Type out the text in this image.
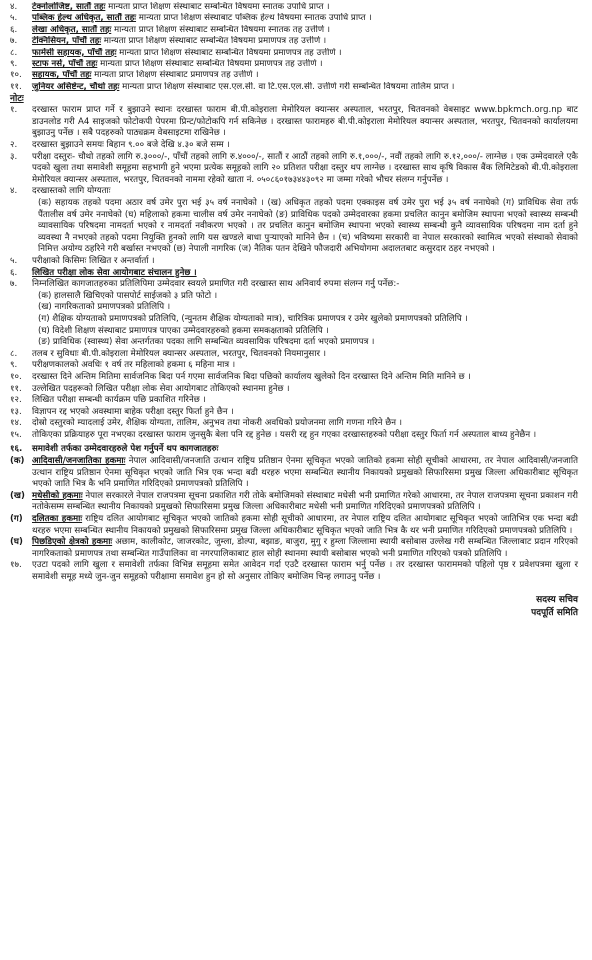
४. टेक्नोलोजिष्ट, सातौं तहः मान्यता प्राप्त शिक्षण संस्थाबाट सम्बन्धित विषयमा स्नातक उपाधि प्राप्त ।
५. पब्लिक हेल्थ अधिकृत, सातौं तहः मान्यता प्राप्त शिक्षण संस्थाबाट पब्लिक हेल्थ विषयमा स्नातक उपाधि प्राप्त ।
६. लेखा अधिकृत, सातौं तहः मान्यता प्राप्त शिक्षण संस्थाबाट सम्बन्धित विषयमा स्नातक तह उत्तीर्ण ।
७. टेक्निसियन, पाँचौं तहः मान्यता प्राप्त शिक्षण संस्थाबाट सम्बन्धित विषयमा प्रमाणपत्र तह उत्तीर्ण ।
८. फार्मेसी सहायक, पाँचौं तहः मान्यता प्राप्त शिक्षण संस्थाबाट सम्बन्धित विषयमा प्रमाणपत्र तह उत्तीर्ण ।
९. स्टाफ नर्स, पाँचौं तहः मान्यता प्राप्त शिक्षण संस्थाबाट सम्बन्धित विषयमा प्रमाणपत्र तह उत्तीर्ण ।
१०. सहायक, पाँचौं तहः मान्यता प्राप्त शिक्षण संस्थाबाट प्रमाणपत्र तह उत्तीर्ण ।
११. जुनियर असिष्टेन्ट, चौथो तहः मान्यता प्राप्त शिक्षण संस्थाबाट एस.एल.सी. वा टि.एस.एल.सी. उत्तीर्ण गरी सम्बन्धित विषयमा तालिम प्राप्त ।
नोटः
१.	दरखास्त फाराम प्राप्त गर्ने र बुझाउने स्थानः दरखास्त फाराम बी.पी.कोइराला मेमोरियल क्यान्सर अस्पताल, भरतपुर, चितवनको वेबसाइट www.bpkmch.org.np बाट डाउनलोड गरी A4 साइजको फोटोकपी पेपरमा प्रिन्ट/फोटोकपि गर्न सकिनेछ । दरखास्त फारामहरु बी.पी.कोइराला मेमोरियल क्यान्सर अस्पताल, भरतपुर, चितवनको कार्यालयमा बुझाउनु पर्नेछ । सबै पदहरुको पाठ्यक्रम वेबसाइटमा राखिनेछ ।
२.	दरखास्त बुझाउने समयः बिहान ९.०० बजे देखि ४.३० बजे सम्म ।
३.	परीक्षा दस्तुरः- चौथो तहको लागि रु.३०००/-, पाँचौं तहको लागि रु.४०००/-, सातौं र आठौं तहको लागि रु.१,०००/-, नवौं तहको लागि रु.१२,०००/- लाग्नेछ । एक उम्मेदवारले एकै पदको खुला तथा समावेशी समूहमा सहभागी हुने भएमा प्रत्येक समूहको लागि २० प्रतिशत परीक्षा दस्तुर थप लाग्नेछ । दरखास्त साथ कृषि विकास बैंक लिमिटेडको बी.पी.कोइराला मेमोरियल क्यान्सर अस्पताल, भरतपुर, चितवनको नाममा रहेको खाता नं. ०५०८६०१७३४४३०९२ मा जम्मा गरेको भौचर संलग्न गर्नुपर्नेछ ।
४.	दरखास्तको लागि योग्यताः
(क) सहायक तहको पदमा अठार वर्ष उमेर पुरा भई ३५ वर्ष ननाघेको । (ख) अधिकृत तहको पदमा एक्काइस वर्ष उमेर पुरा भई ३५ वर्ष ननाघेको (ग) प्राविधिक सेवा तर्फ पैंतालीस वर्ष उमेर ननाघेको (घ) महिलाको हकमा चालीस वर्ष उमेर ननाघेको (ङ) प्राविधिक पदको उम्मेदवारका हकमा प्रचलित कानुन बमोजिम स्थापना भएको स्वास्थ्य सम्बन्धी व्यावसायिक परिषदमा नामदर्ता भएको र नामदर्ता नवीकरण भएको । तर प्रचलित कानुन बमोजिम स्थापना भएको स्वास्थ्य सम्बन्धी कुनै व्यावसायिक परिषदमा नाम दर्ता हुने व्यवस्था नै नभएको तहको पदमा नियुक्ति हुनको लागि यस खण्डले बाधा पुऱ्याएको मानिने छैन । (च) भविष्यमा सरकारी वा नेपाल सरकारको स्वामित्व भएको संस्थाको सेवाको निमित्त अयोग्य ठहरिने गरी बर्खास्त नभएको (छ) नेपाली नागरिक (ज) नैतिक पतन देखिने फौजदारी अभियोगमा अदालतबाट कसुरदार ठहर नभएको ।
५.	परीक्षाको किसिमः लिखित र अन्तर्वार्ता ।
६.	लिखित परीक्षा लोक सेवा आयोगबाट संचालन हुनेछ ।
७.	निम्नलिखित कागजातहरुका प्रतिलिपिमा उम्मेदवार स्वयले प्रमाणित गरी दरखास्त साथ अनिवार्य रुपमा संलग्न गर्नु पर्नेछ:-
(क) हालसालै खिचिएको पासपोर्ट साईजको ३ प्रति फोटो ।
(ख) नागरिकताको प्रमाणपत्रको प्रतिलिपि ।
(ग) शैक्षिक योग्यताको प्रमाणपत्रको प्रतिलिपि, (न्युनतम शैक्षिक योग्यताको मात्र), चारित्रिक प्रमाणपत्र र उमेर खुलेको प्रमाणपत्रको प्रतिलिपि ।
(घ) विदेशी शिक्षण संस्थाबाट प्रमाणपत्र पाएका उम्मेदवारहरुको हकमा समकक्षताको प्रतिलिपि ।
(ङ) प्राविधिक (स्वास्थ्य) सेवा अन्तर्गतका पदका लागि सम्बन्धित व्यवसायिक परिषदमा दर्ता भएको प्रमाणपत्र ।
८.	तलब र सुविधाः बी.पी.कोइराला मेमोरियल क्यान्सर अस्पताल, भरतपुर, चितवनको नियमानुसार ।
९.	परीक्षणकालको अवधिः १ वर्ष तर महिलाको हकमा ६ महिना मात्र ।
१०.	दरखास्त दिने अन्तिम मितिमा सार्वजनिक बिदा पर्न गएमा सार्वजनिक बिदा पछिको कार्यालय खुलेको दिन दरखास्त दिने अन्तिम मिति मानिने छ ।
११.	उल्लेखित पदहरूको लिखित परीक्षा लोक सेवा आयोगबाट तोकिएको स्थानमा हुनेछ ।
१२.	लिखित परीक्षा सम्बन्धी कार्यक्रम पछि प्रकाशित गरिनेछ ।
१३.	विज्ञापन रद्द भएको अवस्थामा बाहेक परीक्षा दस्तुर फिर्ता हुने छैन ।
१४.	दोस्रो दस्तुरको म्यादलाई उमेर, शैक्षिक योग्यता, तालिम, अनुभव तथा नोकरी अवधिको प्रयोजनमा लागि गणना गरिने छैन ।
१५.	तोकिएका प्रक्रियाहरु पूरा नभएका दरखास्त फाराम जुनसुकै बेला पनि रद्द हुनेछ । यसरी रद्द हुन गएका दरखास्तहरुको परीक्षा दस्तुर फिर्ता गर्न अस्पताल बाध्य हुनेछैन ।
१६.	समावेशी तर्फका उम्मेदवारहरुले पेश गर्नुपर्ने थप कागजातहरुः
(क) आदिवासी/जनजातिका हकमाः नेपाल आदिवासी/जनजाति उत्थान राष्ट्रिय प्रतिष्ठान ऐनमा सूचिकृत भएको जातिको हकमा सोही सूचीको आधारमा, तर नेपाल आदिवासी/जनजाति उत्थान राष्ट्रिय प्रतिष्ठान ऐनमा सूचिकृत भएको जाति भित्र एक भन्दा बढी थरहरु भएमा सम्बन्धित स्थानीय निकायको प्रमुखको सिफारिसमा प्रमुख जिल्ला अधिकारीबाट सूचिकृत भएको जाति भित्र कै भनि प्रमाणित गरिदिएको प्रमाणपत्रको प्रतिलिपि ।
(ख) मधेसीको हकमाः नेपाल सरकारले नेपाल राजपत्रमा सूचना प्रकाशित गरी तोके बमोजिमको संस्थाबाट मधेसी भनी प्रमाणित गरेको आधारमा, तर नेपाल राजपत्रमा सूचना प्रकाशन गरी नतोकेसम्म सम्बन्धित स्थानीय निकायको प्रमुखको सिफारिसमा प्रमुख जिल्ला अधिकारीबाट मधेसी भनी प्रमाणित गरिदिएको प्रमाणपत्रको प्रतिलिपि ।
(ग)	दलितका हकमाः राष्ट्रिय दलित आयोगबाट सूचिकृत भएको जातिको हकमा सोही सूचीको आधारमा, तर नेपाल राष्ट्रिय दलित आयोगबाट सूचिकृत भएको जातिभित्र एक भन्दा बढी थरहरु भएमा सम्बन्धित स्थानीय निकायको प्रमुखको सिफारिसमा प्रमुख जिल्ला अधिकारीबाट सूचिकृत भएको जाति भित्र कै थर भनी प्रमाणित गरिदिएको प्रमाणपत्रको प्रतिलिपि ।
(घ)	पिछडिएको क्षेत्रको हकमाः अछाम, कालीकोट, जाजरकोट, जुम्ला, डोल्पा, बझाङ, बाजुरा, मुगु र हुम्ला जिल्लामा स्थायी बसोबास उल्लेख गरी सम्बन्धित जिल्लाबाट प्रदान गरिएको नागरिकताको प्रमाणपत्र तथा सम्बन्धित गाउँपालिका वा नगरपालिकाबाट हाल सोही स्थानमा स्थायी बसोबास भएको भनी प्रमाणित गरिएको पत्रको प्रतिलिपि ।
१७.	एउटा पदको लागि खुला र समावेशी तर्फका विभिन्न समूहमा समेत आवेदन गर्दा एउटै दरखास्त फाराम भर्नु पर्नेछ । तर दरखास्त फाराममको पहिलो पृष्ठ र प्रवेशपत्रमा खुला र समावेशी समूह मध्ये जुन-जुन समूहको परीक्षामा समावेश हुन हो सो अनुसार तोकिए बमोजिम चिन्ह लगाउनु पर्नेछ ।
सदस्य सचिव
पदपूर्ति समिति
